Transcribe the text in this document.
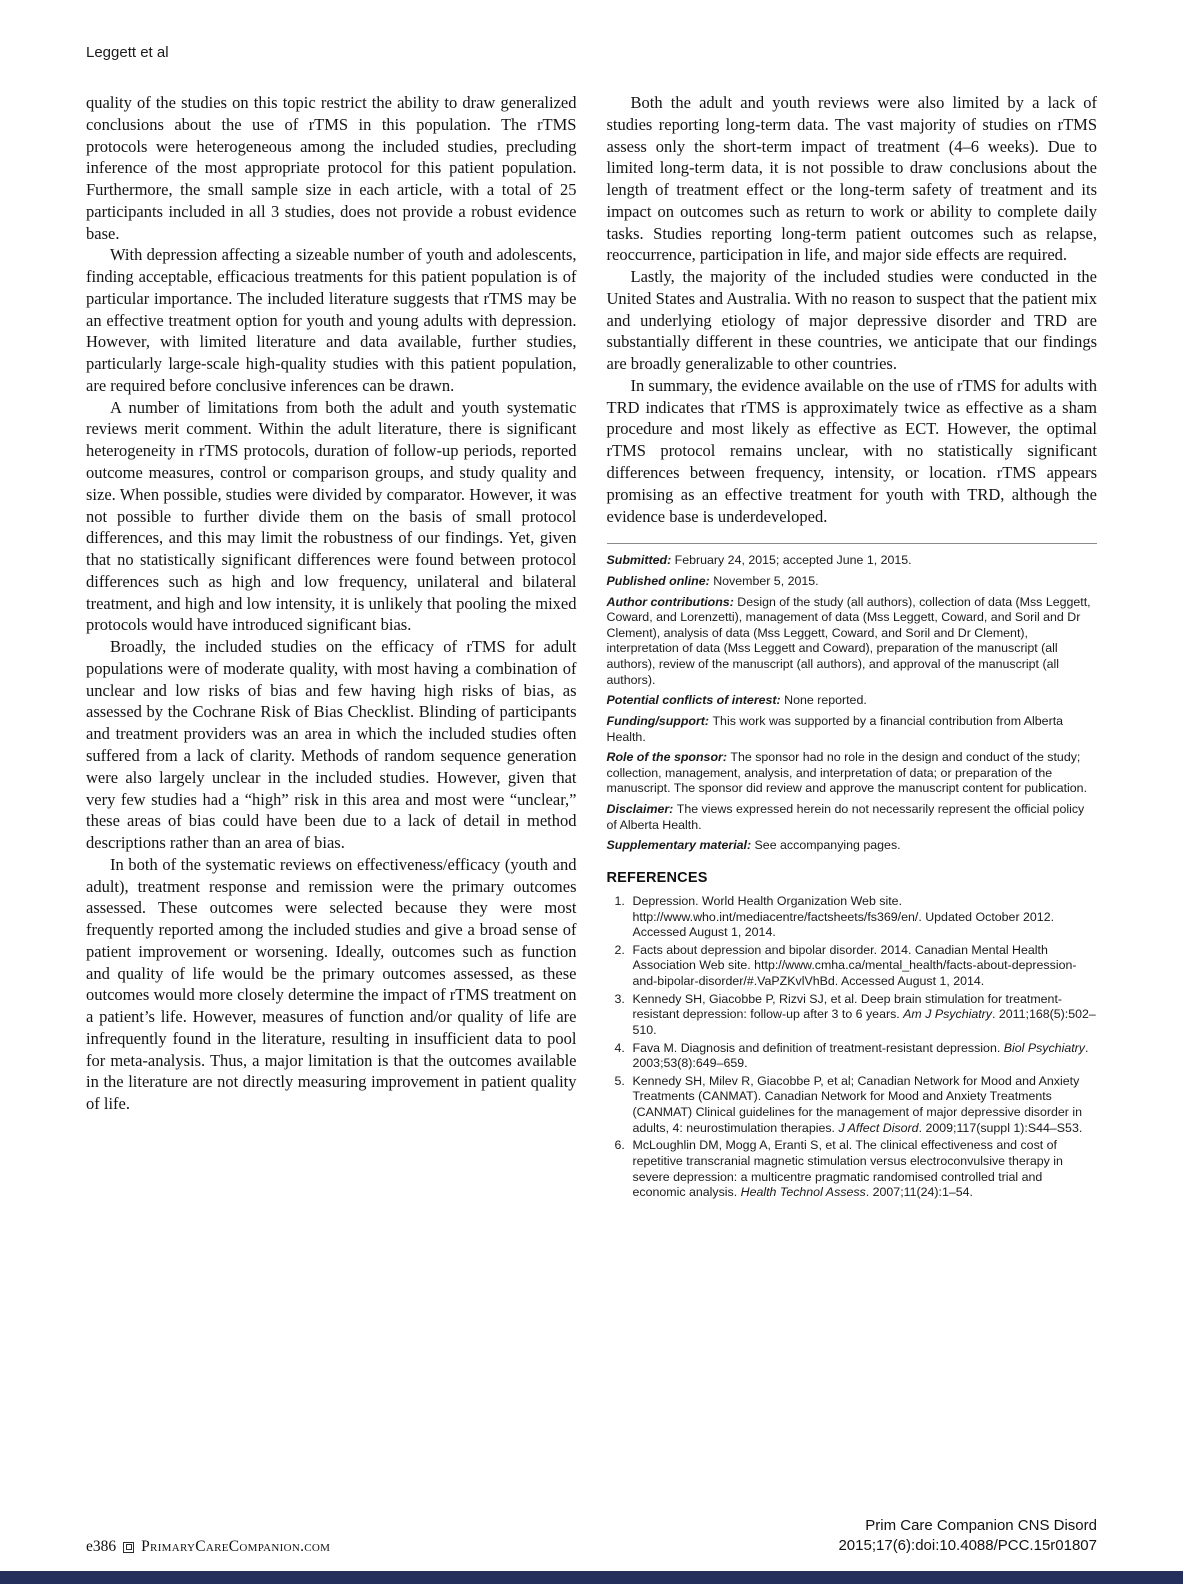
Leggett et al

quality of the studies on this topic restrict the ability to draw generalized conclusions about the use of rTMS in this population. The rTMS protocols were heterogeneous among the included studies, precluding inference of the most appropriate protocol for this patient population. Furthermore, the small sample size in each article, with a total of 25 participants included in all 3 studies, does not provide a robust evidence base.

With depression affecting a sizeable number of youth and adolescents, finding acceptable, efficacious treatments for this patient population is of particular importance. The included literature suggests that rTMS may be an effective treatment option for youth and young adults with depression. However, with limited literature and data available, further studies, particularly large-scale high-quality studies with this patient population, are required before conclusive inferences can be drawn.

A number of limitations from both the adult and youth systematic reviews merit comment. Within the adult literature, there is significant heterogeneity in rTMS protocols, duration of follow-up periods, reported outcome measures, control or comparison groups, and study quality and size. When possible, studies were divided by comparator. However, it was not possible to further divide them on the basis of small protocol differences, and this may limit the robustness of our findings. Yet, given that no statistically significant differences were found between protocol differences such as high and low frequency, unilateral and bilateral treatment, and high and low intensity, it is unlikely that pooling the mixed protocols would have introduced significant bias.

Broadly, the included studies on the efficacy of rTMS for adult populations were of moderate quality, with most having a combination of unclear and low risks of bias and few having high risks of bias, as assessed by the Cochrane Risk of Bias Checklist. Blinding of participants and treatment providers was an area in which the included studies often suffered from a lack of clarity. Methods of random sequence generation were also largely unclear in the included studies. However, given that very few studies had a “high” risk in this area and most were “unclear,” these areas of bias could have been due to a lack of detail in method descriptions rather than an area of bias.

In both of the systematic reviews on effectiveness/efficacy (youth and adult), treatment response and remission were the primary outcomes assessed. These outcomes were selected because they were most frequently reported among the included studies and give a broad sense of patient improvement or worsening. Ideally, outcomes such as function and quality of life would be the primary outcomes assessed, as these outcomes would more closely determine the impact of rTMS treatment on a patient’s life. However, measures of function and/or quality of life are infrequently found in the literature, resulting in insufficient data to pool for meta-analysis. Thus, a major limitation is that the outcomes available in the literature are not directly measuring improvement in patient quality of life.

Both the adult and youth reviews were also limited by a lack of studies reporting long-term data. The vast majority of studies on rTMS assess only the short-term impact of treatment (4–6 weeks). Due to limited long-term data, it is not possible to draw conclusions about the length of treatment effect or the long-term safety of treatment and its impact on outcomes such as return to work or ability to complete daily tasks. Studies reporting long-term patient outcomes such as relapse, reoccurrence, participation in life, and major side effects are required.

Lastly, the majority of the included studies were conducted in the United States and Australia. With no reason to suspect that the patient mix and underlying etiology of major depressive disorder and TRD are substantially different in these countries, we anticipate that our findings are broadly generalizable to other countries.

In summary, the evidence available on the use of rTMS for adults with TRD indicates that rTMS is approximately twice as effective as a sham procedure and most likely as effective as ECT. However, the optimal rTMS protocol remains unclear, with no statistically significant differences between frequency, intensity, or location. rTMS appears promising as an effective treatment for youth with TRD, although the evidence base is underdeveloped.

Submitted: February 24, 2015; accepted June 1, 2015.

Published online: November 5, 2015.

Author contributions: Design of the study (all authors), collection of data (Mss Leggett, Coward, and Lorenzetti), management of data (Mss Leggett, Coward, and Soril and Dr Clement), analysis of data (Mss Leggett, Coward, and Soril and Dr Clement), interpretation of data (Mss Leggett and Coward), preparation of the manuscript (all authors), review of the manuscript (all authors), and approval of the manuscript (all authors).

Potential conflicts of interest: None reported.

Funding/support: This work was supported by a financial contribution from Alberta Health.

Role of the sponsor: The sponsor had no role in the design and conduct of the study; collection, management, analysis, and interpretation of data; or preparation of the manuscript. The sponsor did review and approve the manuscript content for publication.

Disclaimer: The views expressed herein do not necessarily represent the official policy of Alberta Health.

Supplementary material: See accompanying pages.

REFERENCES
1. Depression. World Health Organization Web site. http://www.who.int/mediacentre/factsheets/fs369/en/. Updated October 2012. Accessed August 1, 2014.
2. Facts about depression and bipolar disorder. 2014. Canadian Mental Health Association Web site. http://www.cmha.ca/mental_health/facts-about-depression-and-bipolar-disorder/#.VaPZKvlVhBd. Accessed August 1, 2014.
3. Kennedy SH, Giacobbe P, Rizvi SJ, et al. Deep brain stimulation for treatment-resistant depression: follow-up after 3 to 6 years. Am J Psychiatry. 2011;168(5):502–510.
4. Fava M. Diagnosis and definition of treatment-resistant depression. Biol Psychiatry. 2003;53(8):649–659.
5. Kennedy SH, Milev R, Giacobbe P, et al; Canadian Network for Mood and Anxiety Treatments (CANMAT). Canadian Network for Mood and Anxiety Treatments (CANMAT) Clinical guidelines for the management of major depressive disorder in adults, 4: neurostimulation therapies. J Affect Disord. 2009;117(suppl 1):S44–S53.
6. McLoughlin DM, Mogg A, Eranti S, et al. The clinical effectiveness and cost of repetitive transcranial magnetic stimulation versus electroconvulsive therapy in severe depression: a multicentre pragmatic randomised controlled trial and economic analysis. Health Technol Assess. 2007;11(24):1–54.
e386 PrimaryCareCompanion.com
Prim Care Companion CNS Disord
2015;17(6):doi:10.4088/PCC.15r01807
